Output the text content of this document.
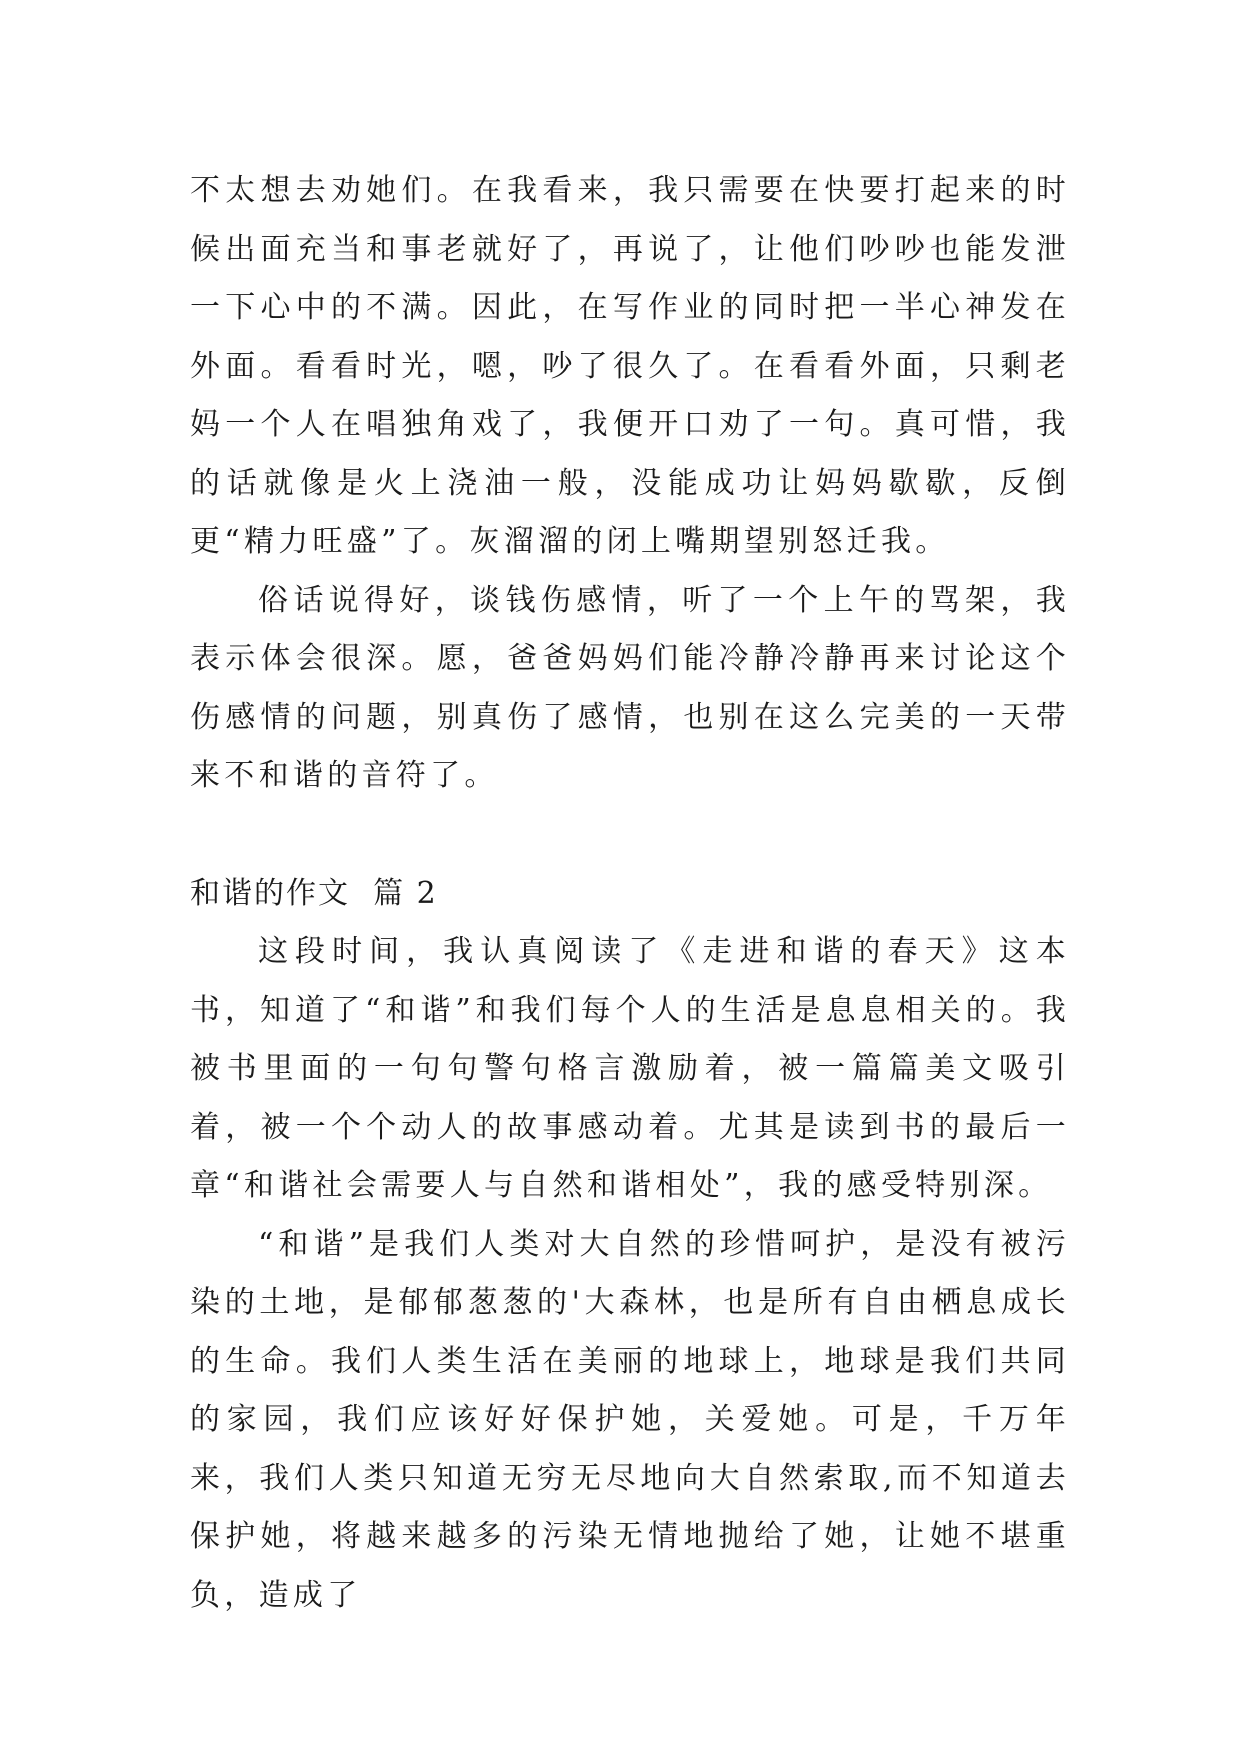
不太想去劝她们。在我看来，我只需要在快要打起来的时候出面充当和事老就好了，再说了，让他们吵吵也能发泄一下心中的不满。因此，在写作业的同时把一半心神发在外面。看看时光，嗯，吵了很久了。在看看外面，只剩老妈一个人在唱独角戏了，我便开口劝了一句。真可惜，我的话就像是火上浇油一般，没能成功让妈妈歇歇，反倒更“精力旺盛”了。灰溜溜的闭上嘴期望别怒迁我。

俗话说得好，谈钱伤感情，听了一个上午的骂架，我表示体会很深。愿，爸爸妈妈们能冷静冷静再来讨论这个伤感情的问题，别真伤了感情，也别在这么完美的一天带来不和谐的音符了。

和谐的作文  篇 2

这段时间，我认真阅读了《走进和谐的春天》这本书，知道了“和谐”和我们每个人的生活是息息相关的。我被书里面的一句句警句格言激励着，被一篇篇美文吸引着，被一个个动人的故事感动着。尤其是读到书的最后一章“和谐社会需要人与自然和谐相处”，我的感受特别深。

“和谐”是我们人类对大自然的珍惜呵护，是没有被污染的土地，是郁郁葱葱的'大森林，也是所有自由栖息成长的生命。我们人类生活在美丽的地球上，地球是我们共同的家园，我们应该好好保护她，关爱她。可是，千万年来，我们人类只知道无穷无尽地向大自然索取,而不知道去保护她，将越来越多的污染无情地抛给了她，让她不堪重负，造成了
